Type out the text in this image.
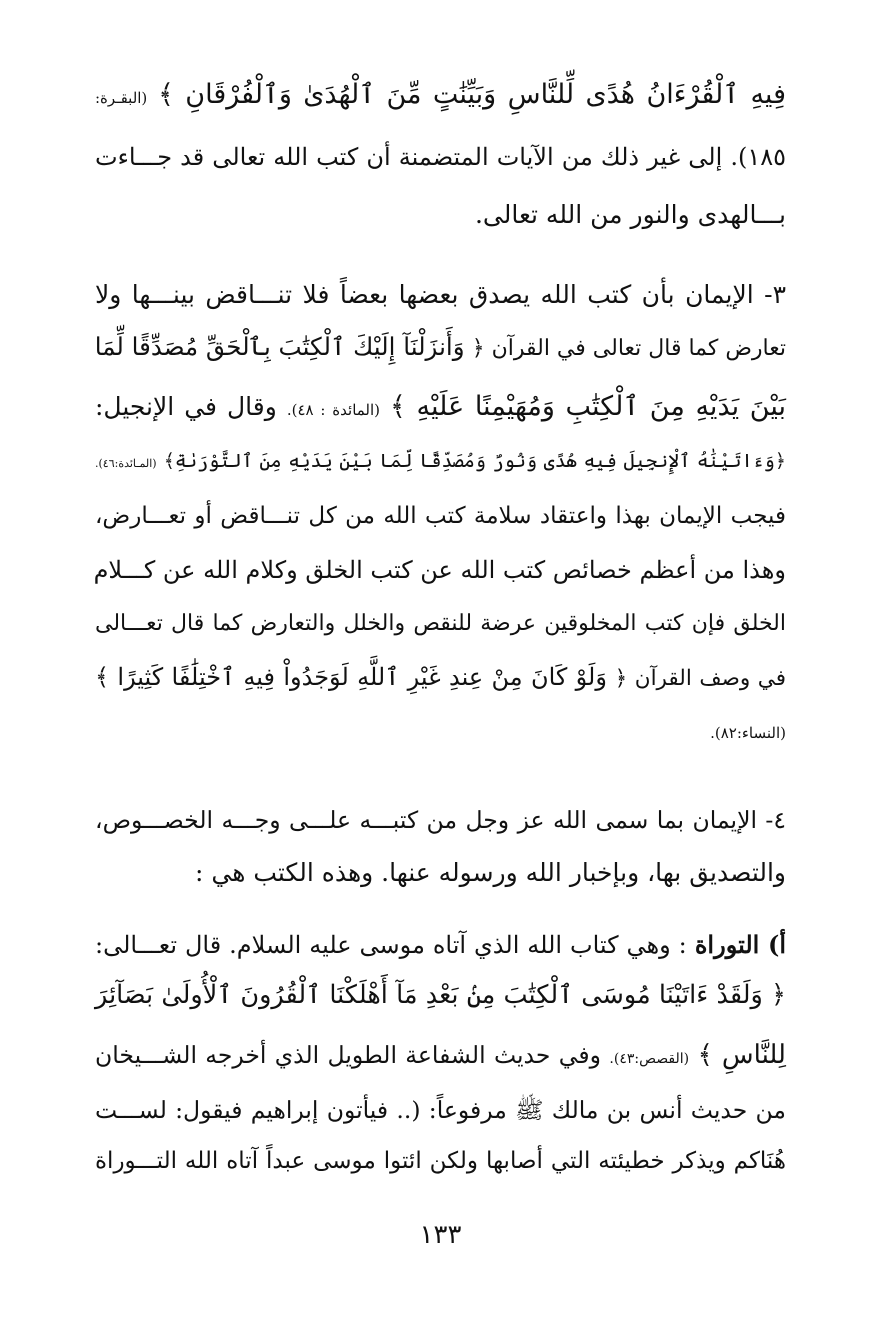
فِيهِ ٱلْقُرْءَانُ هُدًى لِّلنَّاسِ وَبَيِّنَٰتٍ مِّنَ ٱلْهُدَىٰ وَٱلْفُرْقَانِ ﴾ (البقـرة:
١٨٥). إلى غير ذلك من الآيات المتضمنة أن كتب الله تعالى قد جـــاءت
بـــالهدى والنور من الله تعالى.
٣- الإيمان بأن كتب الله يصدق بعضها بعضاً فلا تنـــاقض بينـــها ولا
تعارض كما قال تعالى في القرآن ﴿ وَأَنزَلْنَآ إِلَيْكَ ٱلْكِتَٰبَ بِٱلْحَقِّ مُصَدِّقًا لِّمَا
بَيْنَ يَدَيْهِ مِنَ ٱلْكِتَٰبِ وَمُهَيْمِنًا عَلَيْهِ ﴾ (المائدة : ٤٨). وقال في الإنجيل:
﴿وَءَاتَيْنَٰهُ ٱلْإِنجِيلَ فِيهِ هُدًى وَنُورٌ وَمُصَدِّقًا لِّمَا بَيْنَ يَدَيْهِ مِنَ ٱلتَّوْرَىٰةِ﴾ (المـائدة:٤٦).
فيجب الإيمان بهذا واعتقاد سلامة كتب الله من كل تنـــاقض أو تعـــارض،
وهذا من أعظم خصائص كتب الله عن كتب الخلق وكلام الله عن كـــلام
الخلق فإن كتب المخلوقين عرضة للنقص والخلل والتعارض كما قال تعـــالى
في وصف القرآن ﴿ وَلَوْ كَانَ مِنْ عِندِ غَيْرِ ٱللَّهِ لَوَجَدُواْ فِيهِ ٱخْتِلَٰفًا كَثِيرًا ﴾
(النساء:٨٢).
٤- الإيمان بما سمى الله عز وجل من كتبـــه علـــى وجـــه الخصـــوص،
والتصديق بها، وبإخبار الله ورسوله عنها. وهذه الكتب هي :
أ) التوراة : وهي كتاب الله الذي آتاه موسى عليه السلام. قال تعـــالى:
﴿ وَلَقَدْ ءَاتَيْنَا مُوسَى ٱلْكِتَٰبَ مِنۢ بَعْدِ مَآ أَهْلَكْنَا ٱلْقُرُونَ ٱلْأُولَىٰ بَصَآئِرَ
لِلنَّاسِ ﴾ (القصص:٤٣). وفي حديث الشفاعة الطويل الذي أخرجه الشـــيخان
من حديث أنس بن مالك ﷺ مرفوعاً: (.. فيأتون إبراهيم فيقول: لســـت
هُنَاكم ويذكر خطيئته التي أصابها ولكن ائتوا موسى عبداً آتاه الله التـــوراة
١٣٣
